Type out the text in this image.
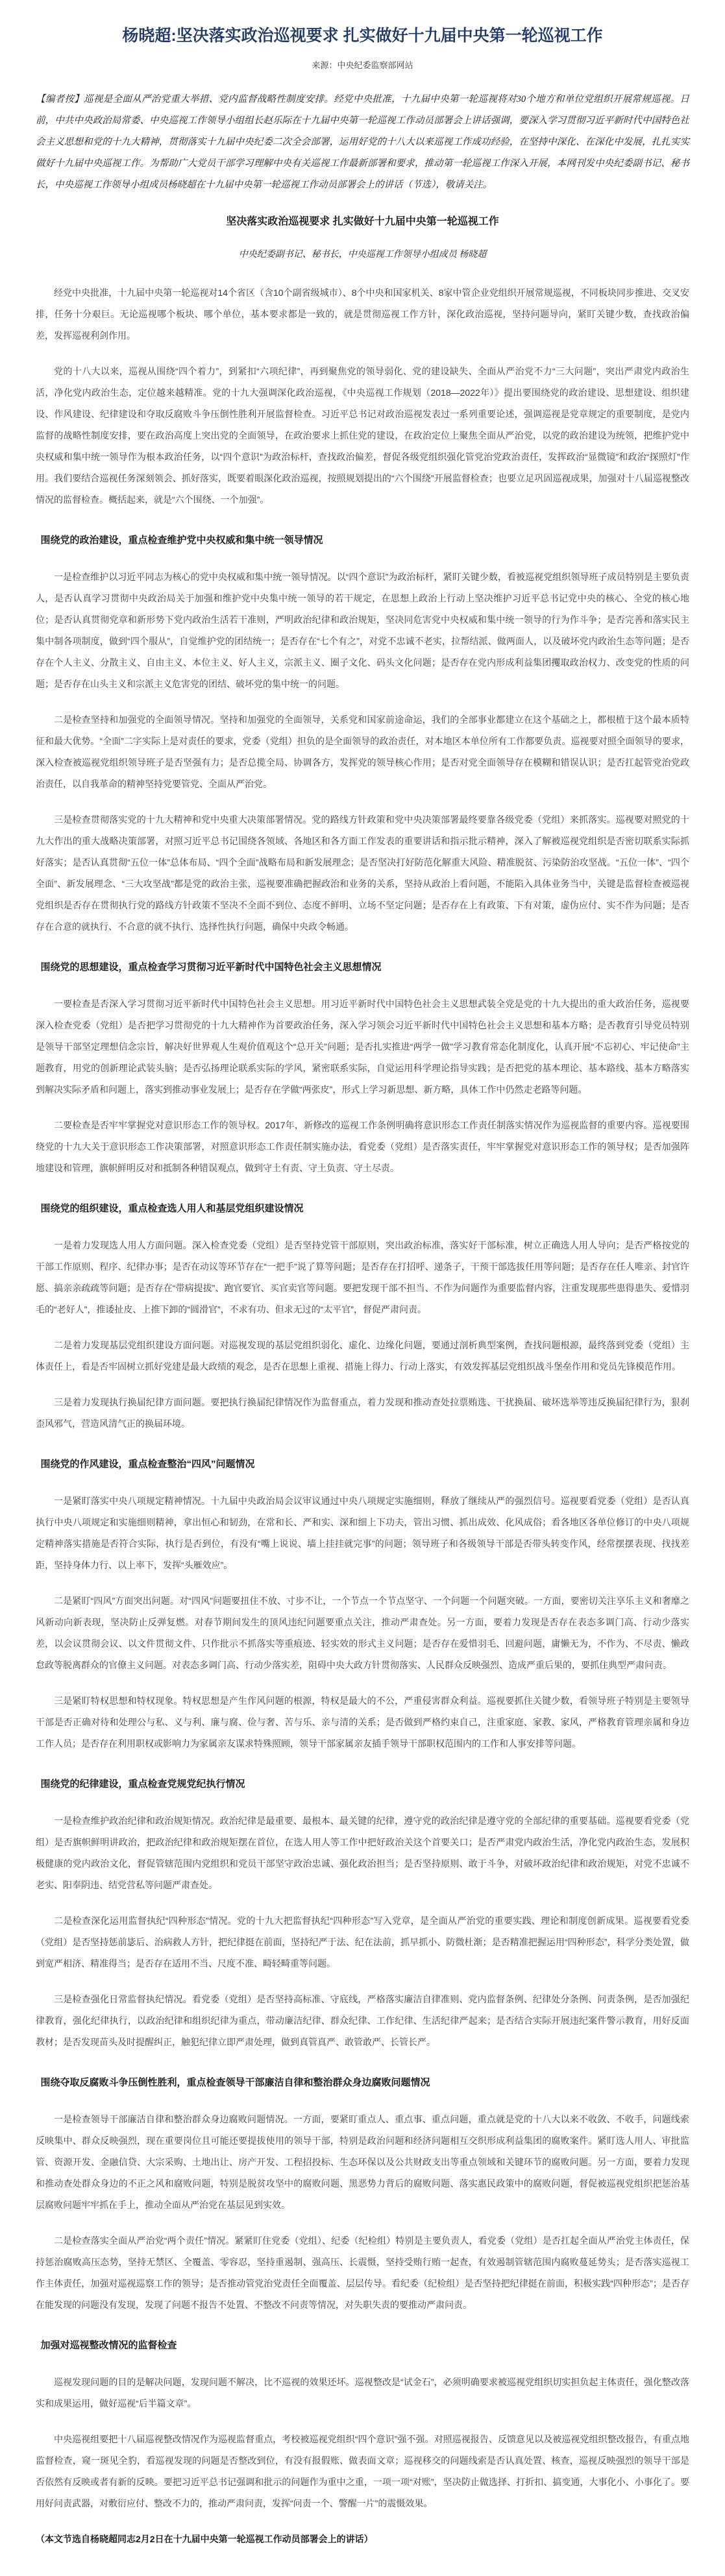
杨晓超:坚决落实政治巡视要求 扎实做好十九届中央第一轮巡视工作
来源：中央纪委监察部网站
【编者按】巡视是全面从严治党重大举措、党内监督战略性制度安排。经党中央批准，十九届中央第一轮巡视将对30个地方和单位党组织开展常规巡视。日前，中共中央政治局常委、中央巡视工作领导小组组长赵乐际在十九届中央第一轮巡视工作动员部署会上讲话强调，要深入学习贯彻习近平新时代中国特色社会主义思想和党的十九大精神，贯彻落实十九届中央纪委二次全会部署，运用好党的十八大以来巡视工作成功经验，在坚持中深化、在深化中发展，扎扎实实做好十九届中央巡视工作。为帮助广大党员干部学习理解中央有关巡视工作最新部署和要求，推动第一轮巡视工作深入开展，本网刊发中央纪委副书记、秘书长，中央巡视工作领导小组成员杨晓超在十九届中央第一轮巡视工作动员部署会上的讲话（节选），敬请关注。
坚决落实政治巡视要求 扎实做好十九届中央第一轮巡视工作
中央纪委副书记、秘书长，中央巡视工作领导小组成员 杨晓超

经党中央批准，十九届中央第一轮巡视对14个省区（含10个副省级城市）、8个中央和国家机关、8家中管企业党组织开展常规巡视，不同板块同步推进、交叉安排，任务十分艰巨。无论巡视哪个板块、哪个单位，基本要求都是一致的，就是贯彻巡视工作方针，深化政治巡视，坚持问题导向，紧盯关键少数，查找政治偏差，发挥巡视利剑作用。

党的十八大以来，巡视从围绕“四个着力”，到紧扣“六项纪律”，再到聚焦党的领导弱化、党的建设缺失、全面从严治党不力“三大问题”，突出严肃党内政治生活，净化党内政治生态，定位越来越精准。党的十九大强调深化政治巡视，《中央巡视工作规划（2018—2022年）》提出要围绕党的政治建设、思想建设、组织建设、作风建设、纪律建设和夺取反腐败斗争压倒性胜利开展监督检查。习近平总书记对政治巡视发表过一系列重要论述，强调巡视是党章规定的重要制度，是党内监督的战略性制度安排，要在政治高度上突出党的全面领导，在政治要求上抓住党的建设，在政治定位上聚焦全面从严治党，以党的政治建设为统领，把维护党中央权威和集中统一领导作为根本政治任务，以“四个意识”为政治标杆，查找政治偏差，督促各级党组织强化管党治党政治责任，发挥政治“显微镜”和政治“探照灯”作用。我们要结合巡视任务深刻领会、抓好落实，既要着眼深化政治巡视，按照规划提出的“六个围绕”开展监督检查；也要立足巩固巡视成果，加强对十八届巡视整改情况的监督检查。概括起来，就是“六个围绕、一个加强”。

围绕党的政治建设，重点检查维护党中央权威和集中统一领导情况

一是检查维护以习近平同志为核心的党中央权威和集中统一领导情况。以“四个意识”为政治标杆，紧盯关键少数，看被巡视党组织领导班子成员特别是主要负责人，是否认真学习贯彻中央政治局关于加强和维护党中央集中统一领导的若干规定，在思想上政治上行动上坚决维护习近平总书记党中央的核心、全党的核心地位；是否认真贯彻党章和新形势下党内政治生活若干准则，严明政治纪律和政治规矩，坚决同危害党中央权威和集中统一领导的行为作斗争；是否完善和落实民主集中制各项制度，做到“四个服从”，自觉维护党的团结统一；是否存在“七个有之”，对党不忠诚不老实，拉帮结派、做两面人，以及破坏党内政治生态等问题；是否存在个人主义、分散主义、自由主义、本位主义、好人主义，宗派主义、圈子文化、码头文化问题；是否存在党内形成利益集团攫取政治权力、改变党的性质的问题；是否存在山头主义和宗派主义危害党的团结、破坏党的集中统一的问题。

二是检查坚持和加强党的全面领导情况。坚持和加强党的全面领导，关系党和国家前途命运，我们的全部事业都建立在这个基础之上，都根植于这个最本质特征和最大优势。“全面”二字实际上是对责任的要求，党委（党组）担负的是全面领导的政治责任，对本地区本单位所有工作都要负责。巡视要对照全面领导的要求，深入检查被巡视党组织领导班子是否坚强有力；是否总揽全局、协调各方，发挥党的领导核心作用；是否对党全面领导存在模糊和错误认识；是否扛起管党治党政治责任，以自我革命的精神坚持党要管党、全面从严治党。

三是检查贯彻落实党的十九大精神和党中央重大决策部署情况。党的路线方针政策和党中央决策部署最终要靠各级党委（党组）来抓落实。巡视要对照党的十九大作出的重大战略决策部署，对照习近平总书记围绕各领域、各地区和各方面工作发表的重要讲话和指示批示精神，深入了解被巡视党组织是否密切联系实际抓好落实；是否认真贯彻“五位一体”总体布局、“四个全面”战略布局和新发展理念；是否坚决打好防范化解重大风险、精准脱贫、污染防治攻坚战。“五位一体”、“四个全面”、新发展理念、“三大攻坚战”都是党的政治主张，巡视要准确把握政治和业务的关系，坚持从政治上看问题，不能陷入具体业务当中，关键是监督检查被巡视党组织是否存在贯彻执行党的路线方针政策不坚决不全面不到位、态度不鲜明、立场不坚定问题；是否存在上有政策、下有对策，虚伪应付、实不作为问题；是否存在合意的就执行、不合意的就不执行、选择性执行问题，确保中央政令畅通。

围绕党的思想建设，重点检查学习贯彻习近平新时代中国特色社会主义思想情况

一要检查是否深入学习贯彻习近平新时代中国特色社会主义思想。用习近平新时代中国特色社会主义思想武装全党是党的十九大提出的重大政治任务，巡视要深入检查党委（党组）是否把学习贯彻党的十九大精神作为首要政治任务，深入学习领会习近平新时代中国特色社会主义思想和基本方略；是否教育引导党员特别是领导干部坚定理想信念宗旨，解决好世界观人生观价值观这个“总开关”问题；是否扎实推进“两学一做”学习教育常态化制度化，认真开展“不忘初心、牢记使命”主题教育，用党的创新理论武装头脑；是否弘扬理论联系实际的学风，紧密联系实际，自觉运用科学理论指导实践；是否把党的基本理论、基本路线、基本方略落实到解决实际矛盾和问题上，落实到推动事业发展上；是否存在学做“两张皮”，形式上学习新思想、新方略，具体工作中仍然走老路等问题。

二要检查是否牢牢掌握党对意识形态工作的领导权。2017年，新修改的巡视工作条例明确将意识形态工作责任制落实情况作为巡视监督的重要内容。巡视要围绕党的十九大关于意识形态工作决策部署，对照意识形态工作责任制实施办法，看党委（党组）是否落实责任，牢牢掌握党对意识形态工作的领导权；是否加强阵地建设和管理，旗帜鲜明反对和抵制各种错误观点，做到守土有责、守土负责、守土尽责。

围绕党的组织建设，重点检查选人用人和基层党组织建设情况

一是着力发现选人用人方面问题。深入检查党委（党组）是否坚持党管干部原则，突出政治标准，落实好干部标准，树立正确选人用人导向；是否严格按党的干部工作原则、程序、纪律办事；是否在动议等环节存在“一把手”说了算等问题；是否存在打招呼、递条子，干预干部选拔任用等问题；是否存在任人唯亲、封官许愿、搞亲亲疏疏等问题；是否存在“带病提拔”、跑官要官、买官卖官等问题。要把发现干部不担当、不作为问题作为重要监督内容，注重发现那些患得患失、爱惜羽毛的“老好人”，推诿扯皮、上推下卸的“圆滑官”，不求有功、但求无过的“太平官”，督促严肃问责。

二是着力发现基层党组织建设方面问题。对巡视发现的基层党组织弱化、虚化、边缘化问题，要通过剖析典型案例，查找问题根源，最终落到党委（党组）主体责任上，看是否牢固树立抓好党建是最大政绩的观念，是否在思想上重视、措施上得力、行动上落实，有效发挥基层党组织战斗堡垒作用和党员先锋模范作用。

三是着力发现执行换届纪律方面问题。要把执行换届纪律情况作为监督重点，着力发现和推动查处拉票贿选、干扰换届、破坏选举等违反换届纪律行为，狠刹歪风邪气，营造风清气正的换届环境。

围绕党的作风建设，重点检查整治“四风”问题情况

一是紧盯落实中央八项规定精神情况。十九届中央政治局会议审议通过中央八项规定实施细则，释放了继续从严的强烈信号。巡视要看党委（党组）是否认真执行中央八项规定和实施细则精神，拿出恒心和韧劲，在常和长、严和实、深和细上下功夫，管出习惯、抓出成效、化风成俗；看各地区各单位修订的中央八项规定精神落实措施是否符合实际，执行是否到位，有没有“嘴上说说、墙上挂挂就完事”的问题；领导班子和各级领导干部是否带头转变作风，经常摆摆表现、找找差距，坚持身体力行、以上率下，发挥“头雁效应”。

二是紧盯“四风”方面突出问题。对“四风”问题要扭住不放、寸步不让，一个节点一个节点坚守、一个问题一个问题突破。一方面，要密切关注享乐主义和奢靡之风新动向新表现，坚决防止反弹复燃。对春节期间发生的顶风违纪问题要重点关注，推动严肃查处。另一方面，要着力发现是否存在表态多调门高、行动少落实差，以会议贯彻会议、以文件贯彻文件、只作批示不抓落实等重痕迹、轻实效的形式主义问题；是否存在爱惜羽毛、回避问题，庸懒无为，不作为、不尽责、懒政怠政等脱离群众的官僚主义问题。对表态多调门高、行动少落实差，阻碍中央大政方针贯彻落实、人民群众反映强烈、造成严重后果的，要抓住典型严肃问责。

三是紧盯特权思想和特权现象。特权思想是产生作风问题的根源，特权是最大的不公，严重侵害群众利益。巡视要抓住关键少数，看领导班子特别是主要领导干部是否正确对待和处理公与私、义与利、廉与腐、俭与奢、苦与乐、亲与清的关系；是否做到严格约束自己，注重家庭、家教、家风，严格教育管理亲属和身边工作人员；是否存在利用职权或影响力为家属亲友谋求特殊照顾，领导干部家属亲友插手领导干部职权范围内的工作和人事安排等问题。

围绕党的纪律建设，重点检查党规党纪执行情况

一是检查维护政治纪律和政治规矩情况。政治纪律是最重要、最根本、最关键的纪律，遵守党的政治纪律是遵守党的全部纪律的重要基础。巡视要看党委（党组）是否旗帜鲜明讲政治，把政治纪律和政治规矩摆在首位，在选人用人等工作中把好政治关这个首要关口；是否严肃党内政治生活，净化党内政治生态，发展积极健康的党内政治文化，督促管辖范围内党组织和党员干部坚守政治忠诚、强化政治担当；是否坚持原则、敢于斗争，对破坏政治纪律和政治规矩，对党不忠诚不老实、阳奉阴违、结党营私等问题严肃查处。

二是检查深化运用监督执纪“四种形态”情况。党的十九大把监督执纪“四种形态”写入党章，是全面从严治党的重要实践、理论和制度创新成果。巡视要看党委（党组）是否坚持惩前毖后、治病救人方针，把纪律挺在前面，坚持纪严于法、纪在法前，抓早抓小、防微杜渐；是否精准把握运用“四种形态”，科学分类处置，做到宽严相济、精准得当；是否存在适用不当、尺度不准、畸轻畸重等问题。

三是检查强化日常监督执纪情况。看党委（党组）是否坚持高标准、守底线，严格落实廉洁自律准则、党内监督条例、纪律处分条例、问责条例，是否加强纪律教育，强化纪律执行，以政治纪律和组织纪律为重点，带动廉洁纪律、群众纪律、工作纪律、生活纪律严起来；是否结合实际开展违纪案件警示教育，用好反面教材；是否发现苗头及时提醒纠正，触犯纪律立即严肃处理，做到真管真严、敢管敢严、长管长严。

围绕夺取反腐败斗争压倒性胜利，重点检查领导干部廉洁自律和整治群众身边腐败问题情况

一是检查领导干部廉洁自律和整治群众身边腐败问题情况。一方面，要紧盯重点人、重点事、重点问题，重点就是党的十八大以来不收敛、不收手，问题线索反映集中、群众反映强烈，现在重要岗位且可能还要提拔使用的领导干部，特别是政治问题和经济问题相互交织形成利益集团的腐败案件。紧盯选人用人、审批监管、资源开发、金融信贷、大宗采购、土地出让、房产开发、工程招投标、生态环保以及公共财政支出等重点领域和关键环节的腐败问题。另一方面，要着力发现和推动查处群众身边的不正之风和腐败问题，特别是脱贫攻坚中的腐败问题、黑恶势力背后的腐败问题、落实惠民政策中的腐败问题，督促被巡视党组织把惩治基层腐败问题牢牢抓在手上，推动全面从严治党在基层见到实效。

二是检查落实全面从严治党“两个责任”情况。紧紧盯住党委（党组）、纪委（纪检组）特别是主要负责人，看党委（党组）是否扛起全面从严治党主体责任，保持惩治腐败高压态势，坚持无禁区、全覆盖、零容忍，坚持重遏制、强高压、长震慑，坚持受贿行贿一起查，有效遏制管辖范围内腐败蔓延势头；是否落实巡视工作主体责任，加强对巡视巡察工作的领导；是否推动管党治党责任全面覆盖、层层传导。看纪委（纪检组）是否坚持把纪律挺在前面，积极实践“四种形态”；是否存在能发现的问题没有发现，发现了问题不报告不处置、不整改不问责等情况，对失职失责的要推动严肃问责。

加强对巡视整改情况的监督检查

巡视发现问题的目的是解决问题，发现问题不解决，比不巡视的效果还坏。巡视整改是“试金石”，必须明确要求被巡视党组织切实担负起主体责任，强化整改落实和成果运用，做好巡视“后半篇文章”。

中央巡视组要把十八届巡视整改情况作为巡视监督重点，考校被巡视党组织“四个意识”强不强。对照巡视报告、反馈意见以及被巡视党组织整改报告，有重点地监督检查，窥一斑见全豹，看巡视发现的问题是否整改到位，有没有报假账、做表面文章；巡视移交的问题线索是否认真处置、核查，巡视反映强烈的领导干部是否依然有反映或者有新的反映。要把习近平总书记强调和批示的问题作为重中之重，一项一项“对账”，坚决防止做选择、打折扣、搞变通，大事化小、小事化了。要用好问责武器，对敷衍应付、整改不力的，推动严肃问责，发挥“问责一个、警醒一片”的震慑效果。

（本文节选自杨晓超同志2月2日在十九届中央第一轮巡视工作动员部署会上的讲话）
